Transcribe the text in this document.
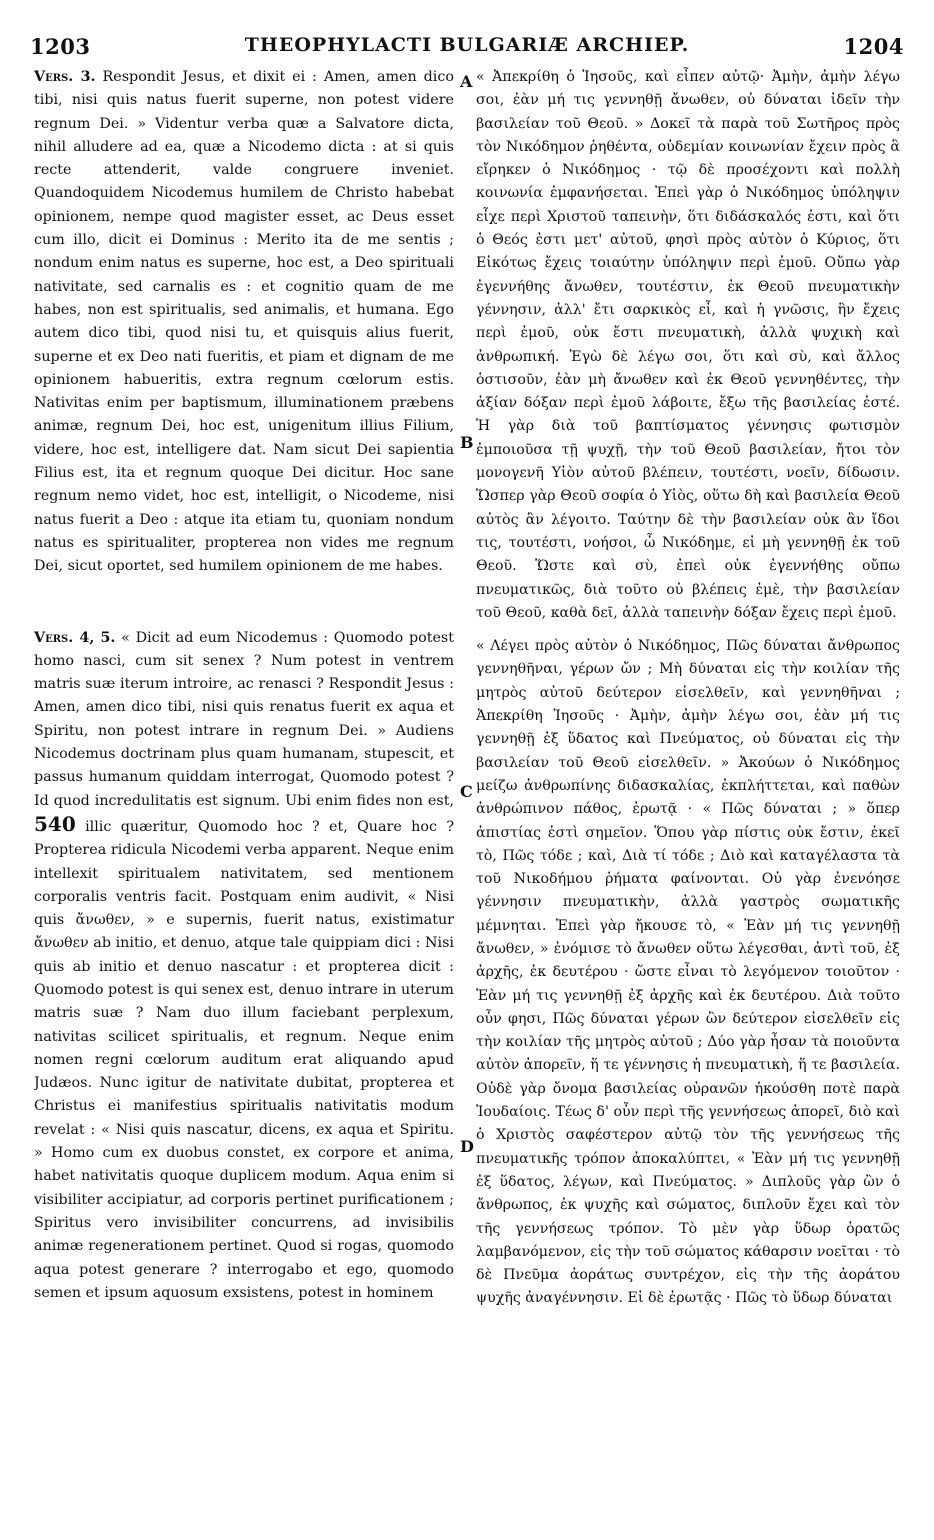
1203	THEOPHYLACTI BULGARIÆ ARCHIEP.	1204
A
B
C
D

Vers. 3. Respondit Jesus, et dixit ei : Amen, amen dico tibi, nisi quis natus fuerit superne, non potest videre regnum Dei. » Videntur verba quæ a Salvatore dicta, nihil alludere ad ea, quæ a Nicodemo dicta : at si quis recte attenderit, valde congruere inveniet. Quandoquidem Nicodemus humilem de Christo habebat opinionem, nempe quod magister esset, ac Deus esset cum illo, dicit ei Dominus : Merito ita de me sentis ; nondum enim natus es superne, hoc est, a Deo spirituali nativitate, sed carnalis es : et cognitio quam de me habes, non est spiritualis, sed animalis, et humana. Ego autem dico tibi, quod nisi tu, et quisquis alius fuerit, superne et ex Deo nati fueritis, et piam et dignam de me opinionem habueritis, extra regnum cœlorum estis. Nativitas enim per baptismum, illuminationem præbens animæ, regnum Dei, hoc est, unigenitum illius Filium, videre, hoc est, intelligere dat. Nam sicut Dei sapientia Filius est, ita et regnum quoque Dei dicitur. Hoc sane regnum nemo videt, hoc est, intelligit, o Nicodeme, nisi natus fuerit a Deo : atque ita etiam tu, quoniam nondum natus es spiritualiter, propterea non vides me regnum Dei, sicut oportet, sed humilem opinionem de me habes.

Vers. 4, 5. « Dicit ad eum Nicodemus : Quomodo potest homo nasci, cum sit senex ? Num potest in ventrem matris suæ iterum introire, ac renasci ? Respondit Jesus : Amen, amen dico tibi, nisi quis renatus fuerit ex aqua et Spiritu, non potest intrare in regnum Dei. » Audiens Nicodemus doctrinam plus quam humanam, stupescit, et passus humanum quiddam interrogat, Quomodo potest ? Id quod incredulitatis est signum. Ubi enim fides non est, 540 illic quæritur, Quomodo hoc ? et, Quare hoc ? Propterea ridicula Nicodemi verba apparent. Neque enim intellexit spiritualem nativitatem, sed mentionem corporalis ventris facit. Postquam enim audivit, « Nisi quis ἄνωθεν, » e supernis, fuerit natus, existimatur ἄνωθεν ab initio, et denuo, atque tale quippiam dici : Nisi quis ab initio et denuo nascatur : et propterea dicit : Quomodo potest is qui senex est, denuo intrare in uterum matris suæ ? Nam duo illum faciebant perplexum, nativitas scilicet spiritualis, et regnum. Neque enim nomen regni cœlorum auditum erat aliquando apud Judæos. Nunc igitur de nativitate dubitat, propterea et Christus ei manifestius spiritualis nativitatis modum revelat : « Nisi quis nascatur, dicens, ex aqua et Spiritu. » Homo cum ex duobus constet, ex corpore et anima, habet nativitatis quoque duplicem modum. Aqua enim si visibiliter accipiatur, ad corporis pertinet purificationem ; Spiritus vero invisibiliter concurrens, ad invisibilis animæ regenerationem pertinet. Quod si rogas, quomodo aqua potest generare ? interrogabo et ego, quomodo semen et ipsum aquosum exsistens, potest in hominem

« Ἀπεκρίθη ὁ Ἰησοῦς, καὶ εἶπεν αὐτῷ· Ἀμὴν, ἀμὴν λέγω σοι, ἐὰν μή τις γεννηθῇ ἄνωθεν, οὐ δύναται ἰδεῖν τὴν βασιλείαν τοῦ Θεοῦ. » Δοκεῖ τὰ παρὰ τοῦ Σωτῆρος πρὸς τὸν Νικόδημον ῥηθέντα, οὐδεμίαν κοινωνίαν ἔχειν πρὸς ἃ εἴρηκεν ὁ Νικόδημος · τῷ δὲ προσέχοντι καὶ πολλὴ κοινωνία ἐμφανήσεται. Ἐπεὶ γὰρ ὁ Νικόδημος ὑπόληψιν εἶχε περὶ Χριστοῦ ταπεινὴν, ὅτι διδάσκαλός ἐστι, καὶ ὅτι ὁ Θεός ἐστι μετ' αὐτοῦ, φησὶ πρὸς αὐτὸν ὁ Κύριος, ὅτι Εἰκότως ἔχεις τοιαύτην ὑπόληψιν περὶ ἐμοῦ. Οὔπω γὰρ ἐγεννήθης ἄνωθεν, τουτέστιν, ἐκ Θεοῦ πνευματικὴν γέννησιν, ἀλλ' ἔτι σαρκικὸς εἶ, καὶ ἡ γνῶσις, ἣν ἔχεις περὶ ἐμοῦ, οὐκ ἔστι πνευματικὴ, ἀλλὰ ψυχικὴ καὶ ἀνθρωπική. Ἐγὼ δὲ λέγω σοι, ὅτι καὶ σὺ, καὶ ἄλλος ὁστισοῦν, ἐὰν μὴ ἄνωθεν καὶ ἐκ Θεοῦ γεννηθέντες, τὴν ἀξίαν δόξαν περὶ ἐμοῦ λάβοιτε, ἔξω τῆς βασιλείας ἐστέ. Ἡ γὰρ διὰ τοῦ βαπτίσματος γέννησις φωτισμὸν ἐμποιοῦσα τῇ ψυχῇ, τὴν τοῦ Θεοῦ βασιλείαν, ἤτοι τὸν μονογενῆ Υἱὸν αὐτοῦ βλέπειν, τουτέστι, νοεῖν, δίδωσιν. Ὥσπερ γὰρ Θεοῦ σοφία ὁ Υἱὸς, οὕτω δὴ καὶ βασιλεία Θεοῦ αὐτὸς ἂν λέγοιτο. Ταύτην δὲ τὴν βασιλείαν οὐκ ἂν ἴδοι τις, τουτέστι, νοήσοι, ὦ Νικόδημε, εἰ μὴ γεννηθῇ ἐκ τοῦ Θεοῦ. Ὥστε καὶ σὺ, ἐπεὶ οὐκ ἐγεννήθης οὔπω πνευματικῶς, διὰ τοῦτο οὐ βλέπεις ἐμὲ, τὴν βασιλείαν τοῦ Θεοῦ, καθὰ δεῖ, ἀλλὰ ταπεινὴν δόξαν ἔχεις περὶ ἐμοῦ.

« Λέγει πρὸς αὐτὸν ὁ Νικόδημος, Πῶς δύναται ἄνθρωπος γεννηθῆναι, γέρων ὤν ; Μὴ δύναται εἰς τὴν κοιλίαν τῆς μητρὸς αὐτοῦ δεύτερον εἰσελθεῖν, καὶ γεννηθῆναι ; Ἀπεκρίθη Ἰησοῦς · Ἀμὴν, ἀμὴν λέγω σοι, ἐὰν μή τις γεννηθῇ ἐξ ὕδατος καὶ Πνεύματος, οὐ δύναται εἰς τὴν βασιλείαν τοῦ Θεοῦ εἰσελθεῖν. » Ἀκούων ὁ Νικόδημος μείζω ἀνθρωπίνης διδασκαλίας, ἐκπλήττεται, καὶ παθὼν ἀνθρώπινον πάθος, ἐρωτᾷ · « Πῶς δύναται ; » ὅπερ ἀπιστίας ἐστὶ σημεῖον. Ὅπου γὰρ πίστις οὐκ ἔστιν, ἐκεῖ τὸ, Πῶς τόδε ; καὶ, Διὰ τί τόδε ; Διὸ καὶ καταγέλαστα τὰ τοῦ Νικοδήμου ῥήματα φαίνονται. Οὐ γὰρ ἐνενόησε γέννησιν πνευματικὴν, ἀλλὰ γαστρὸς σωματικῆς μέμνηται. Ἐπεὶ γὰρ ἤκουσε τὸ, « Ἐὰν μή τις γεννηθῇ ἄνωθεν, » ἐνόμισε τὸ ἄνωθεν οὕτω λέγεσθαι, ἀντὶ τοῦ, ἐξ ἀρχῆς, ἐκ δευτέρου · ὥστε εἶναι τὸ λεγόμενον τοιοῦτον · Ἐὰν μή τις γεννηθῇ ἐξ ἀρχῆς καὶ ἐκ δευτέρου. Διὰ τοῦτο οὖν φησι, Πῶς δύναται γέρων ὢν δεύτερον εἰσελθεῖν εἰς τὴν κοιλίαν τῆς μητρὸς αὐτοῦ ; Δύο γὰρ ἦσαν τὰ ποιοῦντα αὐτὸν ἀπορεῖν, ἥ τε γέννησις ἡ πνευματικὴ, ἥ τε βασιλεία. Οὐδὲ γὰρ ὄνομα βασιλείας οὐρανῶν ἠκούσθη ποτὲ παρὰ Ἰουδαίοις. Τέως δ' οὖν περὶ τῆς γεννήσεως ἀπορεῖ, διὸ καὶ ὁ Χριστὸς σαφέστερον αὐτῷ τὸν τῆς γεννήσεως τῆς πνευματικῆς τρόπον ἀποκαλύπτει, « Ἐὰν μή τις γεννηθῇ ἐξ ὕδατος, λέγων, καὶ Πνεύματος. » Διπλοῦς γὰρ ὢν ὁ ἄνθρωπος, ἐκ ψυχῆς καὶ σώματος, διπλοῦν ἔχει καὶ τὸν τῆς γεννήσεως τρόπον. Τὸ μὲν γὰρ ὕδωρ ὁρατῶς λαμβανόμενον, εἰς τὴν τοῦ σώματος κάθαρσιν νοεῖται · τὸ δὲ Πνεῦμα ἀοράτως συντρέχον, εἰς τὴν τῆς ἀοράτου ψυχῆς ἀναγέννησιν. Εἰ δὲ ἐρωτᾷς · Πῶς τὸ ὕδωρ δύναται
